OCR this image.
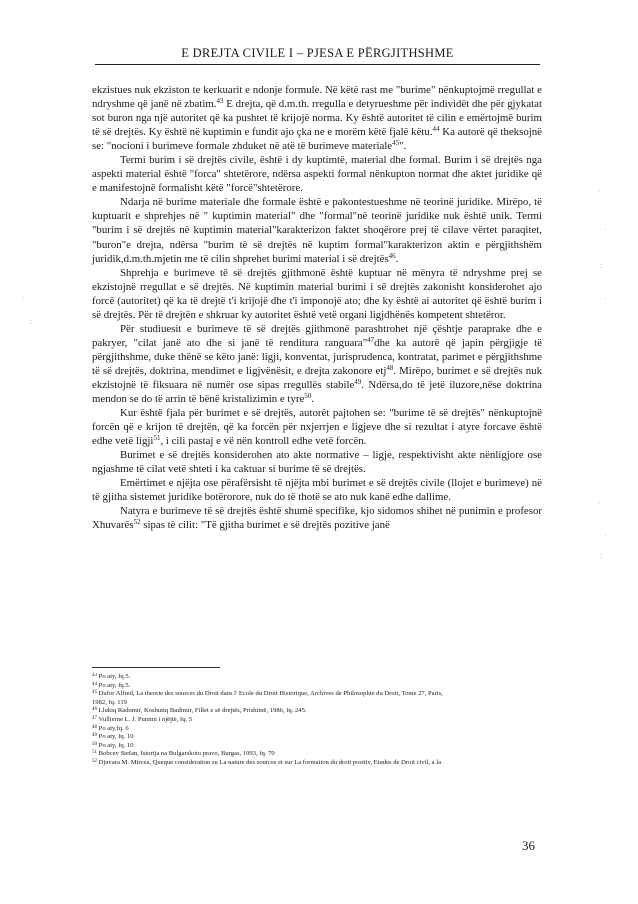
E DREJTA CIVILE I – PJESA E PËRGJITHSHME

ekzistues nuk ekziston te kerkuarit e ndonje formule. Në këtë rast me "burime" nënkuptojmë rregullat e ndryshme që janë në zbatim.$^{43}$ E drejta, që d.m.th. rregulla e detyrueshme për individët dhe për gjykatat sot buron nga një autoritet që ka pushtet të krijojë norma. Ky është autoritet të cilin e emërtojmë burim të së drejtës. Ky është në kuptimin e fundit ajo çka ne e morëm këtë fjalë këtu.$^{44}$ Ka autorë që theksojnë se: "nocioni i burimeve formale zhduket në atë të burimeve materiale$^{45}$".

Termi burim i së drejtës civile, është i dy kuptimtë, material dhe formal. Burim i së drejtës nga aspekti material është "forca" shtetërore, ndërsa aspekti formal nënkupton normat dhe aktet juridike që e manifestojnë formalisht këtë "forcë"shtetërore.

Ndarja në burime materiale dhe formale është e pakontestueshme në teorinë juridike. Mirëpo, të kuptuarit e shprehjes në " kuptimin material" dhe "formal"në teorinë juridike nuk është unik. Termi "burim i së drejtës në kuptimin material"karakterizon faktet shoqërore prej të cilave vërtet paraqitet, "buron"e drejta, ndërsa "burim të së drejtës në kuptim formal"karakterizon aktin e përgjithshëm juridik,d.m.th.mjetin me të cilin shprehet burimi material i së drejtës$^{46}$.

Shprehja e burimeve të së drejtës gjithmonë është kuptuar në mënyra të ndryshme prej se ekzistojnë rregullat e së drejtës. Në kuptimin material burimi i së drejtës zakonisht konsiderohet ajo forcë (autoritet) që ka të drejtë t'i krijojë dhe t'i imponojë ato; dhe ky është ai autoritet që është burim i së drejtës. Për të drejtën e shkruar ky autoritet është vetë organi ligjdhënës kompetent shtetëror.

Për studiuesit e burimeve të së drejtës gjithmonë parashtrohet një çështje paraprake dhe e pakryer, "cilat janë ato dhe si janë të renditura ranguara"$^{47}$dhe ka autorë që japin përgjigje të përgjithshme, duke thënë se këto janë: ligji, konventat, jurisprudenca, kontratat, parimet e përgjithshme të së drejtës, doktrina, mendimet e ligjvënësit, e drejta zakonore etj$^{48}$. Mirëpo, burimet e së drejtës nuk ekzistojnë të fiksuara në numër ose sipas rregullës stabile$^{49}$. Ndërsa,do të jetë iluzore,nëse doktrina mendon se do të arrin të bënë kristalizimin e tyre$^{50}$.

Kur është fjala për burimet e së drejtës, autorët pajtohen se: "burime të së drejtës" nënkuptojnë forcën që e krijon të drejtën, që ka forcën për nxjerrjen e ligjeve dhe si rezultat i atyre forcave është edhe vetë ligji$^{51}$, i cili pastaj e vë nën kontroll edhe vetë forcën.

Burimet e së drejtës konsiderohen ato akte normative – ligje, respektivisht akte nënligjore ose ngjashme të cilat vetë shteti i ka caktuar si burime të së drejtës.

Emërtimet e njëjta ose përafërsisht të njëjta mbi burimet e së drejtës civile (llojet e burimeve) në të gjitha sistemet juridike botërorore, nuk do të thotë se ato nuk kanë edhe dallime.

Natyra e burimeve të së drejtës është shumë specifike, kjo sidomos shihet në punimin e profesor Xhuvarës$^{52}$ sipas të cilit: "Të gjitha burimet e së drejtës pozitive janë

$^{43}$ Po aty, fq.5.
$^{44}$ Po aty, fq.5.
$^{45}$ Dufor Alfred, La theorie des sources du Droit dans l' Ecole du Droit Historique, Archives de Philosophie du Droit, Tome 27, Paris,
1982, fq. 119
$^{46}$ Llukiq Radomir, Koshutiq Budimir, Fillet e së drejtës, Prishtinë, 1986, fq. 245.
$^{47}$ Vullierne L. J. Punimi i njëjtë, fq. 5
$^{48}$ Po aty,fq. 6
$^{49}$ Po aty, fq. 10
$^{50}$ Po aty, fq. 10
$^{51}$ Bobcev Stefan, Istorija na Bulgarskoto pravo, Burgas, 1993, fq. 70
$^{52}$ Djuvara M. Mircea, Queque consideration su La nature des sources et sur La formation du droit positiv, Etudes de Droit civil, a la
36
·
·
:
·
·
:
·
·
:
